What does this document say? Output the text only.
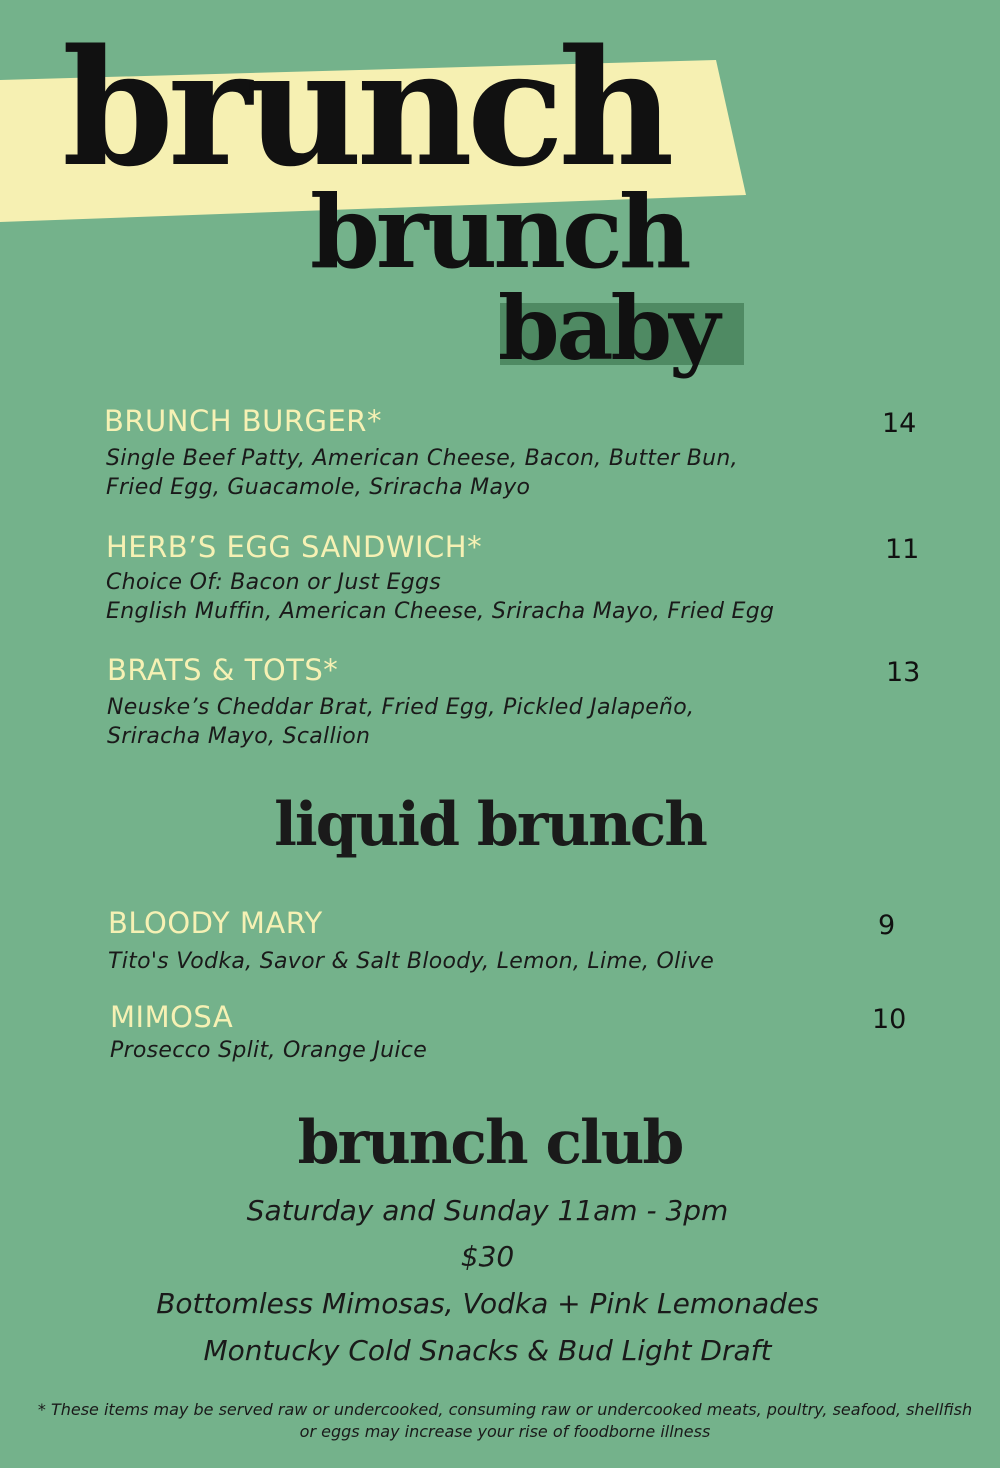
brunch
brunch
baby
BRUNCH BURGER*	14
Single Beef Patty, American Cheese, Bacon, Butter Bun,
Fried Egg, Guacamole, Sriracha Mayo
HERB’S EGG SANDWICH*	11
Choice Of: Bacon or Just Eggs
English Muffin, American Cheese, Sriracha Mayo, Fried Egg
BRATS & TOTS*	13
Neuske’s Cheddar Brat, Fried Egg, Pickled Jalapeño,
Sriracha Mayo, Scallion
liquid brunch
BLOODY MARY	9
Tito's Vodka, Savor & Salt Bloody, Lemon, Lime, Olive
MIMOSA	10
Prosecco Split, Orange Juice
brunch club
Saturday and Sunday 11am - 3pm
$30
Bottomless Mimosas, Vodka + Pink Lemonades
Montucky Cold Snacks & Bud Light Draft
* These items may be served raw or undercooked, consuming raw or undercooked meats, poultry, seafood, shellfish
or eggs may increase your rise of foodborne illness
